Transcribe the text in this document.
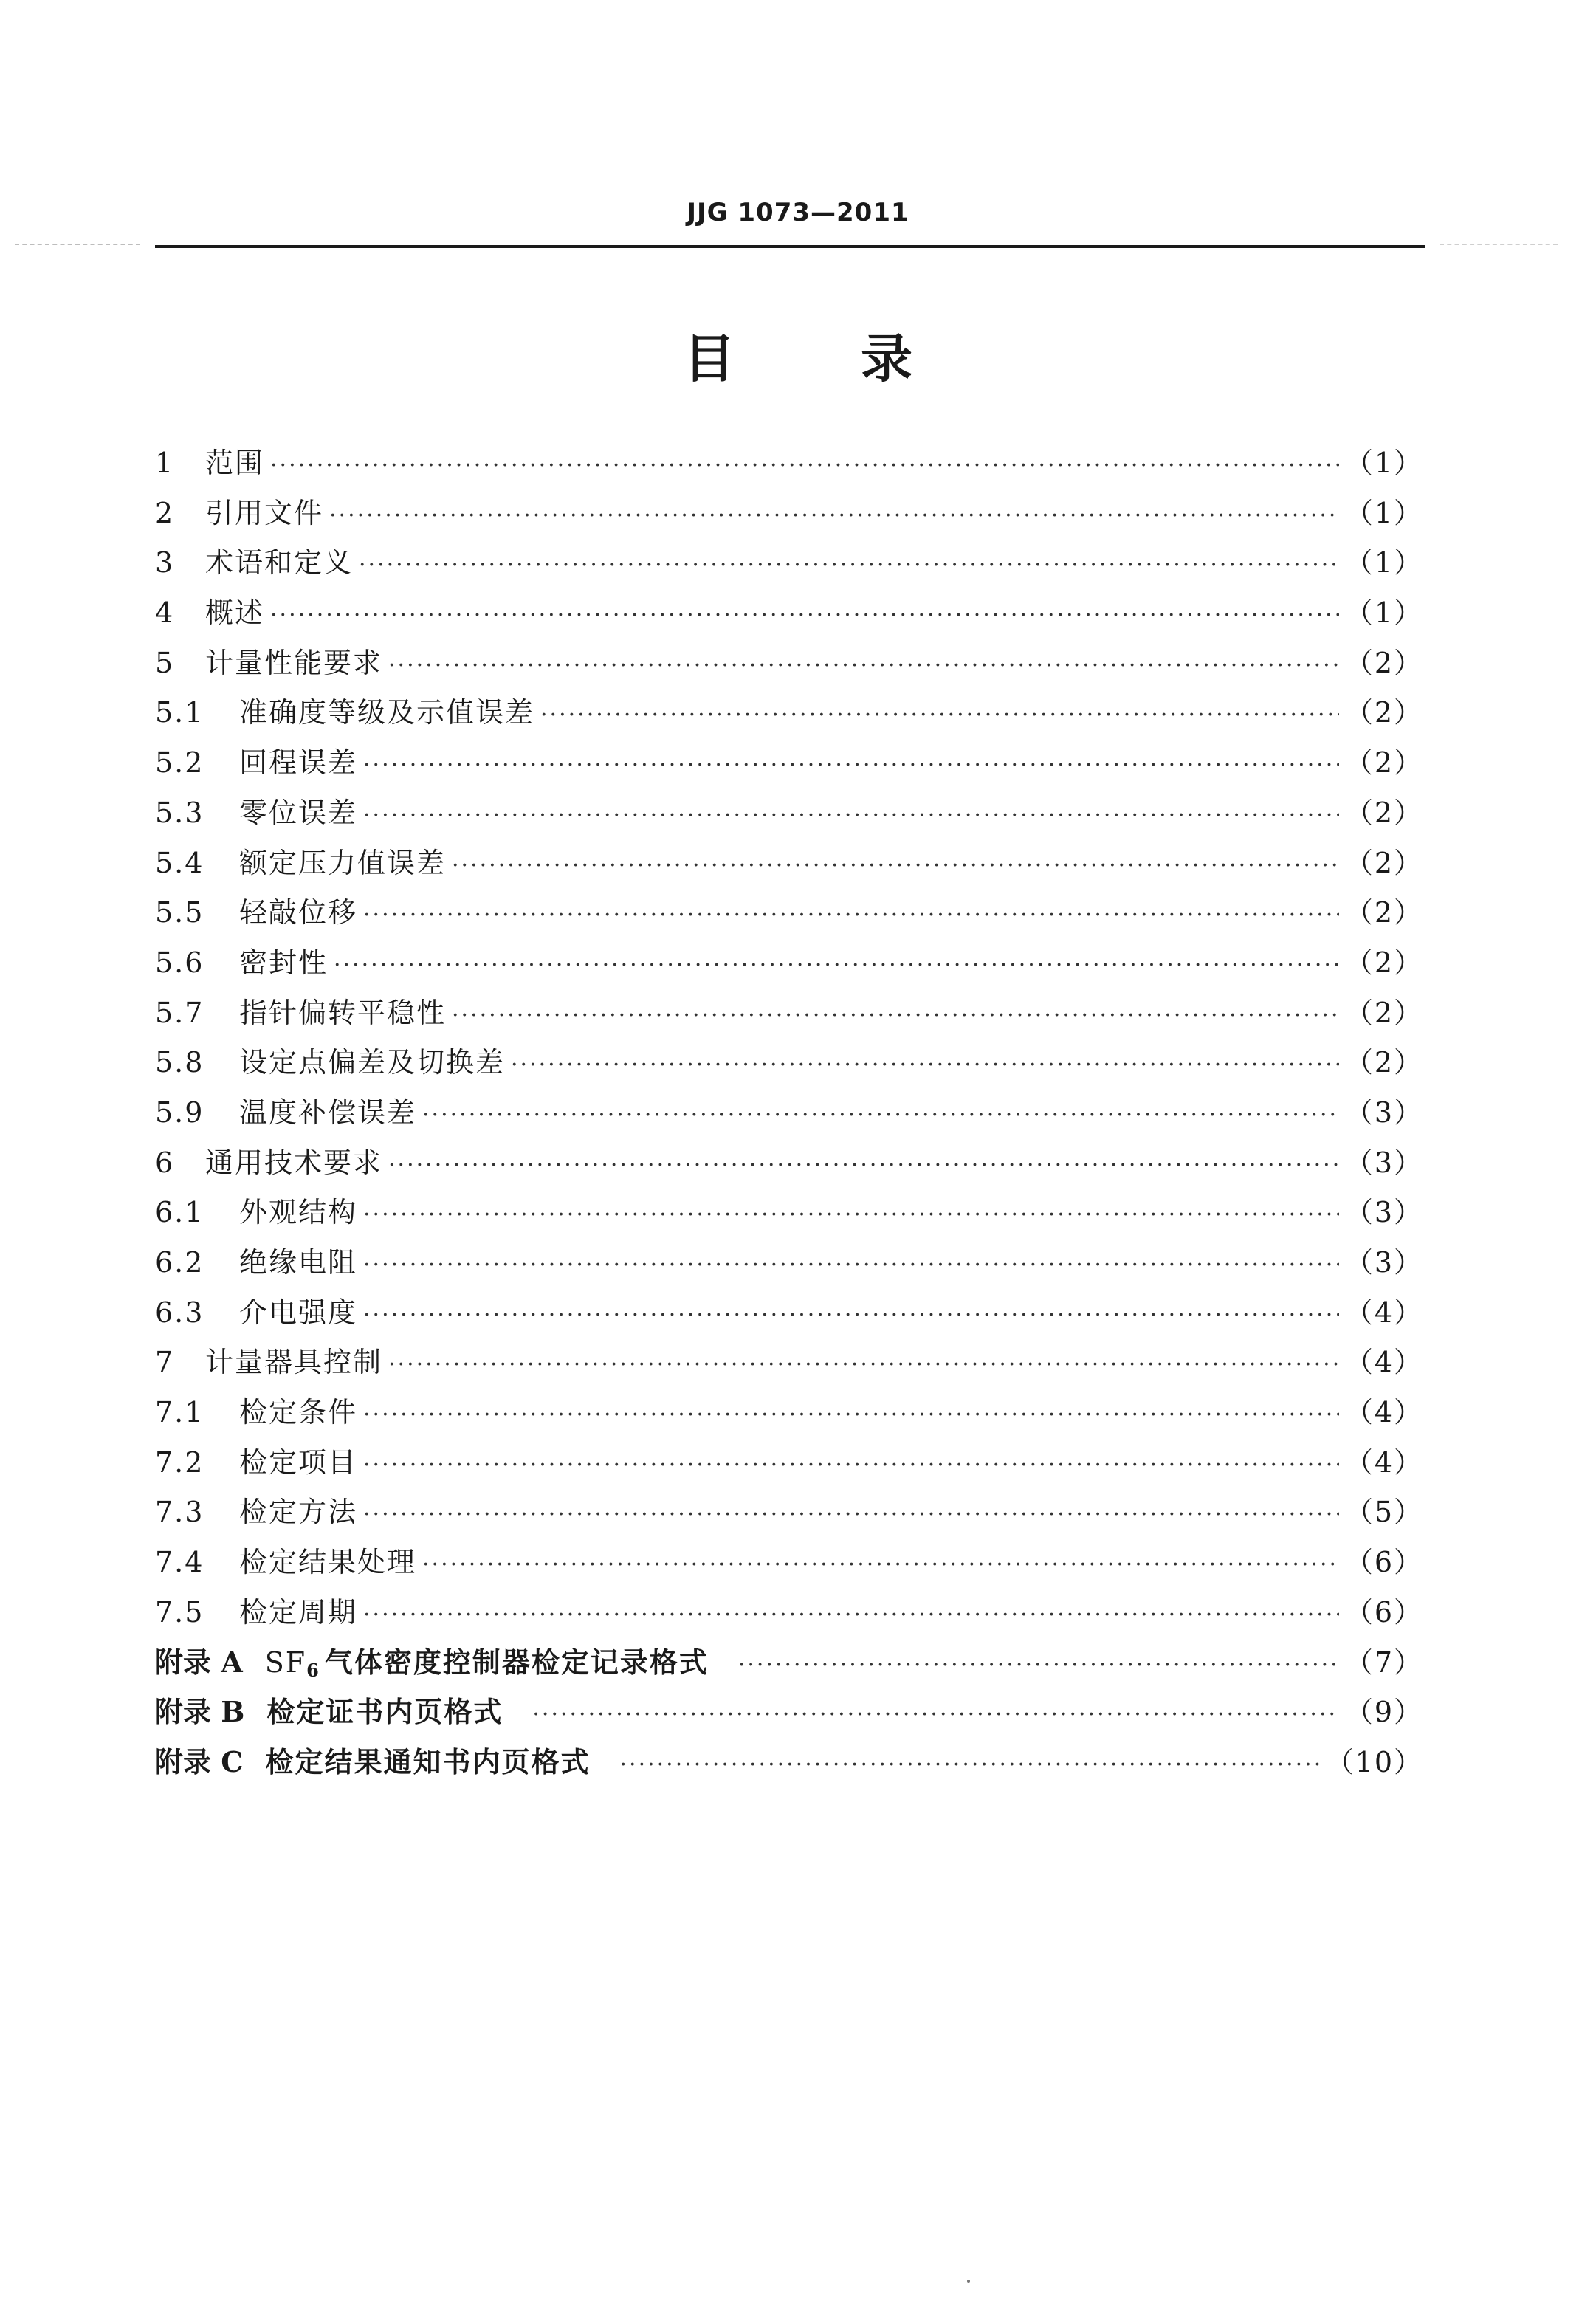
JJG 1073—2011
目 录
1	范围 ·····	（1）
2	引用文件 ·····	（1）
3	术语和定义 ·····	（1）
4	概述 ·····	（1）
5	计量性能要求 ·····	（2）
5.1	准确度等级及示值误差 ·····	（2）
5.2	回程误差 ·····	（2）
5.3	零位误差 ·····	（2）
5.4	额定压力值误差 ·····	（2）
5.5	轻敲位移 ·····	（2）
5.6	密封性 ·····	（2）
5.7	指针偏转平稳性 ·····	（2）
5.8	设定点偏差及切换差 ·····	（2）
5.9	温度补偿误差 ·····	（3）
6	通用技术要求 ·····	（3）
6.1	外观结构 ·····	（3）
6.2	绝缘电阻 ·····	（3）
6.3	介电强度 ·····	（4）
7	计量器具控制 ·····	（4）
7.1	检定条件 ·····	（4）
7.2	检定项目 ·····	（4）
7.3	检定方法 ·····	（5）
7.4	检定结果处理 ·····	（6）
7.5	检定周期 ·····	（6）
附录 A SF6 气体密度控制器检定记录格式 ·····	（7）
附录 B 检定证书内页格式 ·····	（9）
附录 C 检定结果通知书内页格式 ·····	（10）
